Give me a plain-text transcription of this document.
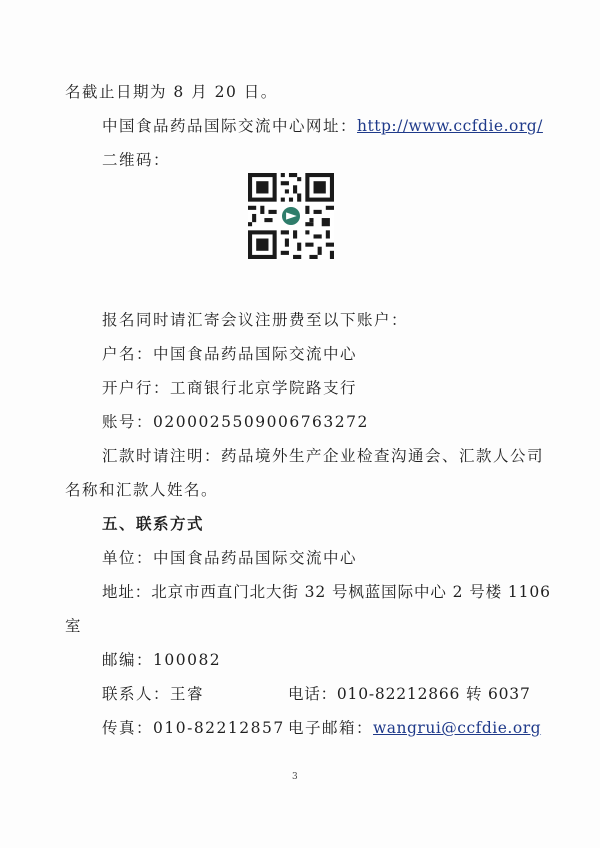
名截止日期为 8 月 20 日。
中国食品药品国际交流中心网址：http://www.ccfdie.org/
二维码：
报名同时请汇寄会议注册费至以下账户：
户名：中国食品药品国际交流中心
开户行：工商银行北京学院路支行
账号：0200025509006763272
汇款时请注明：药品境外生产企业检查沟通会、汇款人公司
名称和汇款人姓名。
五、联系方式
单位：中国食品药品国际交流中心
地址：北京市西直门北大街 32 号枫蓝国际中心 2 号楼 1106
室
邮编：100082
联系人：王睿	电话：010-82212866 转 6037
传真：010-82212857 电子邮箱：wangrui@ccfdie.org
3
